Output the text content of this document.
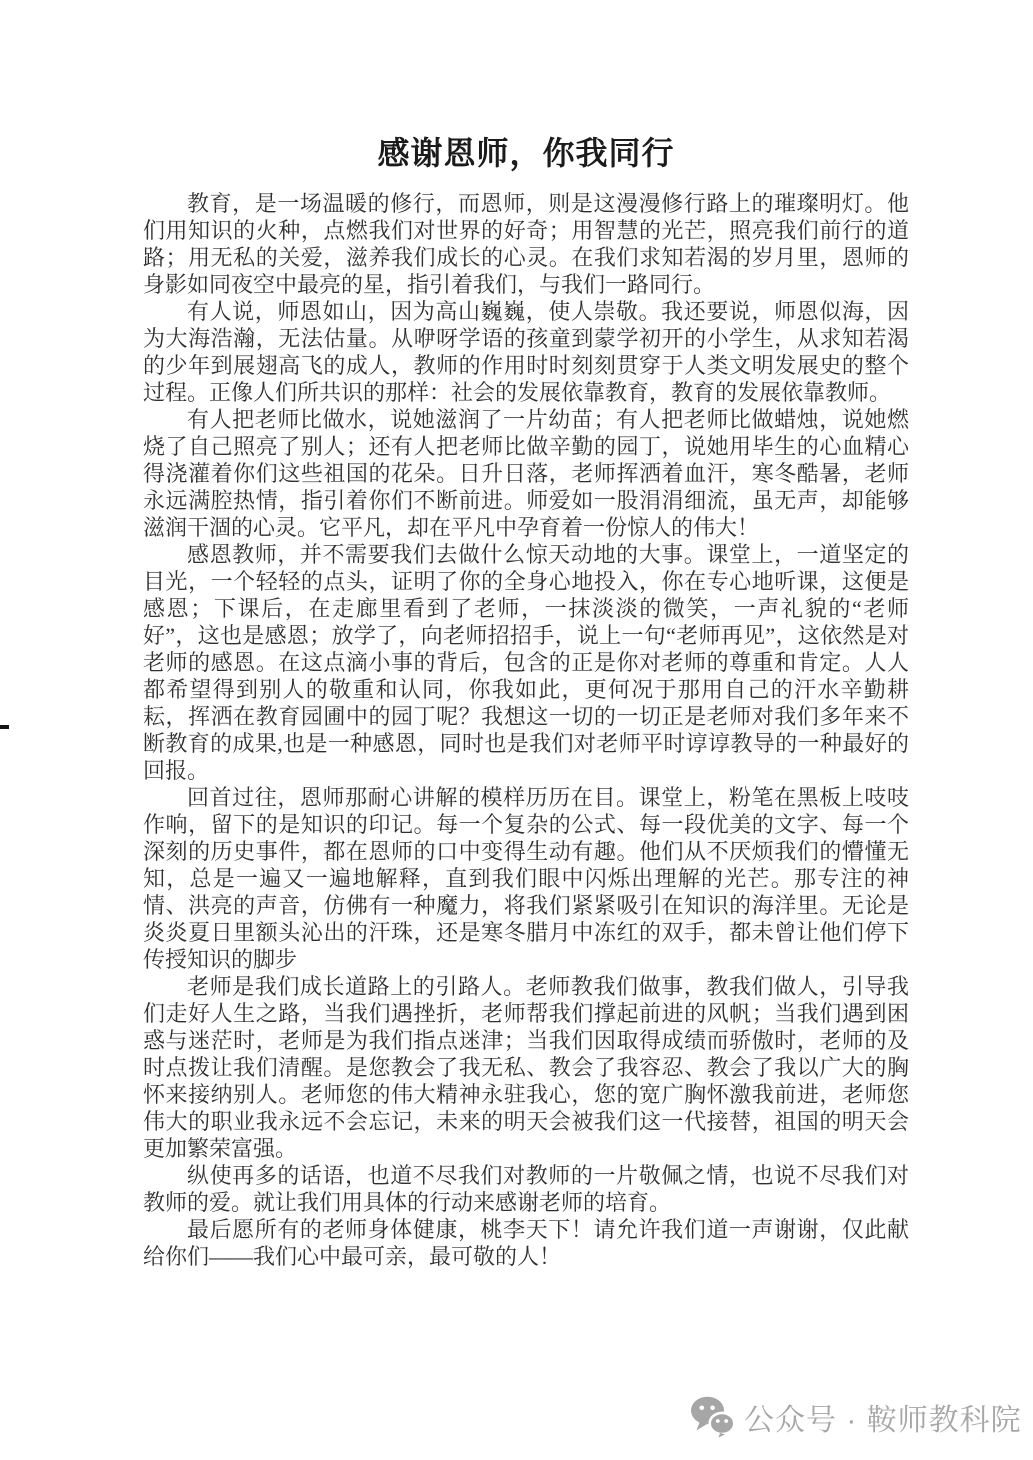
感谢恩师，你我同行

教育，是一场温暖的修行，而恩师，则是这漫漫修行路上的璀璨明灯。他们用知识的火种，点燃我们对世界的好奇；用智慧的光芒，照亮我们前行的道路；用无私的关爱，滋养我们成长的心灵。在我们求知若渴的岁月里，恩师的身影如同夜空中最亮的星，指引着我们，与我们一路同行。

有人说，师恩如山，因为高山巍巍，使人崇敬。我还要说，师恩似海，因为大海浩瀚，无法估量。从咿呀学语的孩童到蒙学初开的小学生，从求知若渴的少年到展翅高飞的成人，教师的作用时时刻刻贯穿于人类文明发展史的整个过程。正像人们所共识的那样：社会的发展依靠教育，教育的发展依靠教师。

有人把老师比做水，说她滋润了一片幼苗；有人把老师比做蜡烛，说她燃烧了自己照亮了别人；还有人把老师比做辛勤的园丁，说她用毕生的心血精心得浇灌着你们这些祖国的花朵。日升日落，老师挥洒着血汗，寒冬酷暑，老师永远满腔热情，指引着你们不断前进。师爱如一股涓涓细流，虽无声，却能够滋润干涸的心灵。它平凡，却在平凡中孕育着一份惊人的伟大！

感恩教师，并不需要我们去做什么惊天动地的大事。课堂上，一道坚定的目光，一个轻轻的点头，证明了你的全身心地投入，你在专心地听课，这便是感恩；下课后，在走廊里看到了老师，一抹淡淡的微笑，一声礼貌的“老师好”，这也是感恩；放学了，向老师招招手，说上一句“老师再见”，这依然是对老师的感恩。在这点滴小事的背后，包含的正是你对老师的尊重和肯定。人人都希望得到别人的敬重和认同，你我如此，更何况于那用自己的汗水辛勤耕耘，挥洒在教育园圃中的园丁呢？我想这一切的一切正是老师对我们多年来不断教育的成果,也是一种感恩，同时也是我们对老师平时谆谆教导的一种最好的回报。

回首过往，恩师那耐心讲解的模样历历在目。课堂上，粉笔在黑板上吱吱作响，留下的是知识的印记。每一个复杂的公式、每一段优美的文字、每一个深刻的历史事件，都在恩师的口中变得生动有趣。他们从不厌烦我们的懵懂无知，总是一遍又一遍地解释，直到我们眼中闪烁出理解的光芒。那专注的神情、洪亮的声音，仿佛有一种魔力，将我们紧紧吸引在知识的海洋里。无论是炎炎夏日里额头沁出的汗珠，还是寒冬腊月中冻红的双手，都未曾让他们停下传授知识的脚步

老师是我们成长道路上的引路人。老师教我们做事，教我们做人，引导我们走好人生之路，当我们遇挫折，老师帮我们撑起前进的风帆；当我们遇到困惑与迷茫时，老师是为我们指点迷津；当我们因取得成绩而骄傲时，老师的及时点拨让我们清醒。是您教会了我无私、教会了我容忍、教会了我以广大的胸怀来接纳别人。老师您的伟大精神永驻我心，您的宽广胸怀激我前进，老师您伟大的职业我永远不会忘记，未来的明天会被我们这一代接替，祖国的明天会更加繁荣富强。

纵使再多的话语，也道不尽我们对教师的一片敬佩之情，也说不尽我们对教师的爱。就让我们用具体的行动来感谢老师的培育。

最后愿所有的老师身体健康，桃李天下！请允许我们道一声谢谢，仅此献给你们——我们心中最可亲，最可敬的人！

公众号 · 鞍师教科院
